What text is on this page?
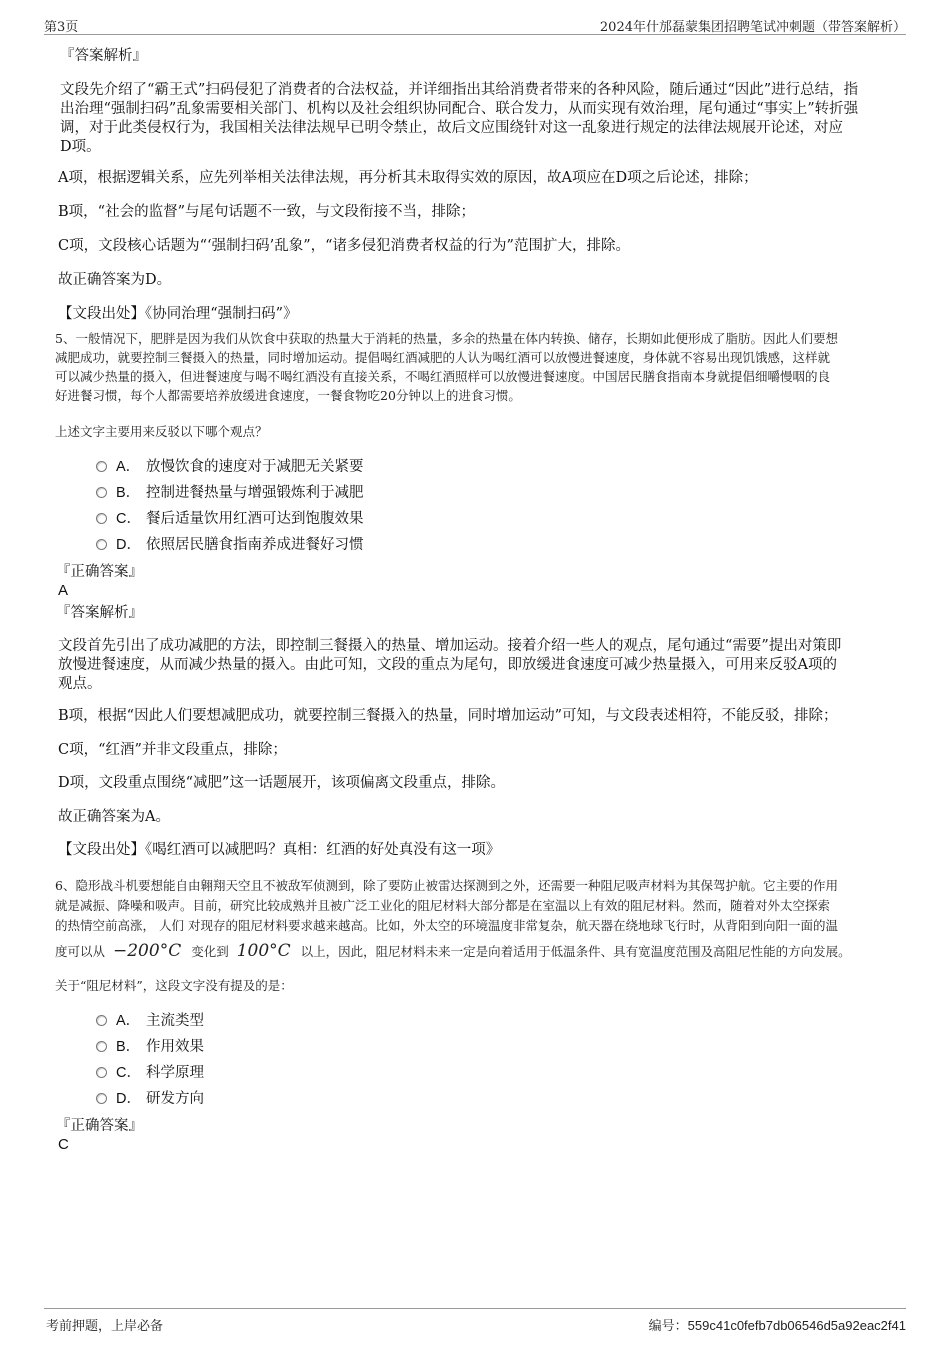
第3页	2024年什邡磊蒙集团招聘笔试冲刺题（带答案解析）
『答案解析』
文段先介绍了“霸王式”扫码侵犯了消费者的合法权益，并详细指出其给消费者带来的各种风险，随后通过“因此”进行总结，指
出治理“强制扫码”乱象需要相关部门、机构以及社会组织协同配合、联合发力，从而实现有效治理，尾句通过“事实上”转折强
调，对于此类侵权行为，我国相关法律法规早已明令禁止，故后文应围绕针对这一乱象进行规定的法律法规展开论述，对应
D项。
A项，根据逻辑关系，应先列举相关法律法规，再分析其未取得实效的原因，故A项应在D项之后论述，排除；
B项，“社会的监督”与尾句话题不一致，与文段衔接不当，排除；
C项，文段核心话题为“‘强制扫码’乱象”，“诸多侵犯消费者权益的行为”范围扩大，排除。
故正确答案为D。
【文段出处】《协同治理“强制扫码”》
5、一般情况下，肥胖是因为我们从饮食中获取的热量大于消耗的热量，多余的热量在体内转换、储存，长期如此便形成了脂肪。因此人们要想
减肥成功，就要控制三餐摄入的热量，同时增加运动。提倡喝红酒减肥的人认为喝红酒可以放慢进餐速度，身体就不容易出现饥饿感，这样就
可以减少热量的摄入，但进餐速度与喝不喝红酒没有直接关系，不喝红酒照样可以放慢进餐速度。中国居民膳食指南本身就提倡细嚼慢咽的良
好进餐习惯，每个人都需要培养放缓进食速度，一餐食物吃20分钟以上的进食习惯。
上述文字主要用来反驳以下哪个观点？
A． 放慢饮食的速度对于减肥无关紧要
B． 控制进餐热量与增强锻炼利于减肥
C． 餐后适量饮用红酒可达到饱腹效果
D． 依照居民膳食指南养成进餐好习惯
『正确答案』
A
『答案解析』
文段首先引出了成功减肥的方法，即控制三餐摄入的热量、增加运动。接着介绍一些人的观点，尾句通过“需要”提出对策即
放慢进餐速度，从而减少热量的摄入。由此可知，文段的重点为尾句，即放缓进食速度可减少热量摄入，可用来反驳A项的
观点。
B项，根据“因此人们要想减肥成功，就要控制三餐摄入的热量，同时增加运动”可知，与文段表述相符，不能反驳，排除；
C项，“红酒”并非文段重点，排除；
D项，文段重点围绕“减肥”这一话题展开，该项偏离文段重点，排除。
故正确答案为A。
【文段出处】《喝红酒可以减肥吗？真相：红酒的好处真没有这一项》
6、隐形战斗机要想能自由翱翔天空且不被敌军侦测到，除了要防止被雷达探测到之外，还需要一种阻尼吸声材料为其保驾护航。它主要的作用
就是减振、降噪和吸声。目前，研究比较成熟并且被广泛工业化的阻尼材料大部分都是在室温以上有效的阻尼材料。然而，随着对外太空探索
的热情空前高涨， 人们 对现存的阻尼材料要求越来越高。比如，外太空的环境温度非常复杂，航天器在绕地球飞行时，从背阳到向阳一面的温
度可以从 −200°C 变化到 100°C 以上，因此，阻尼材料未来一定是向着适用于低温条件、具有宽温度范围及高阻尼性能的方向发展。
关于“阻尼材料”，这段文字没有提及的是：
A． 主流类型
B． 作用效果
C． 科学原理
D． 研发方向
『正确答案』
C
考前押题，上岸必备	编号：559c41c0fefb7db06546d5a92eac2f41
